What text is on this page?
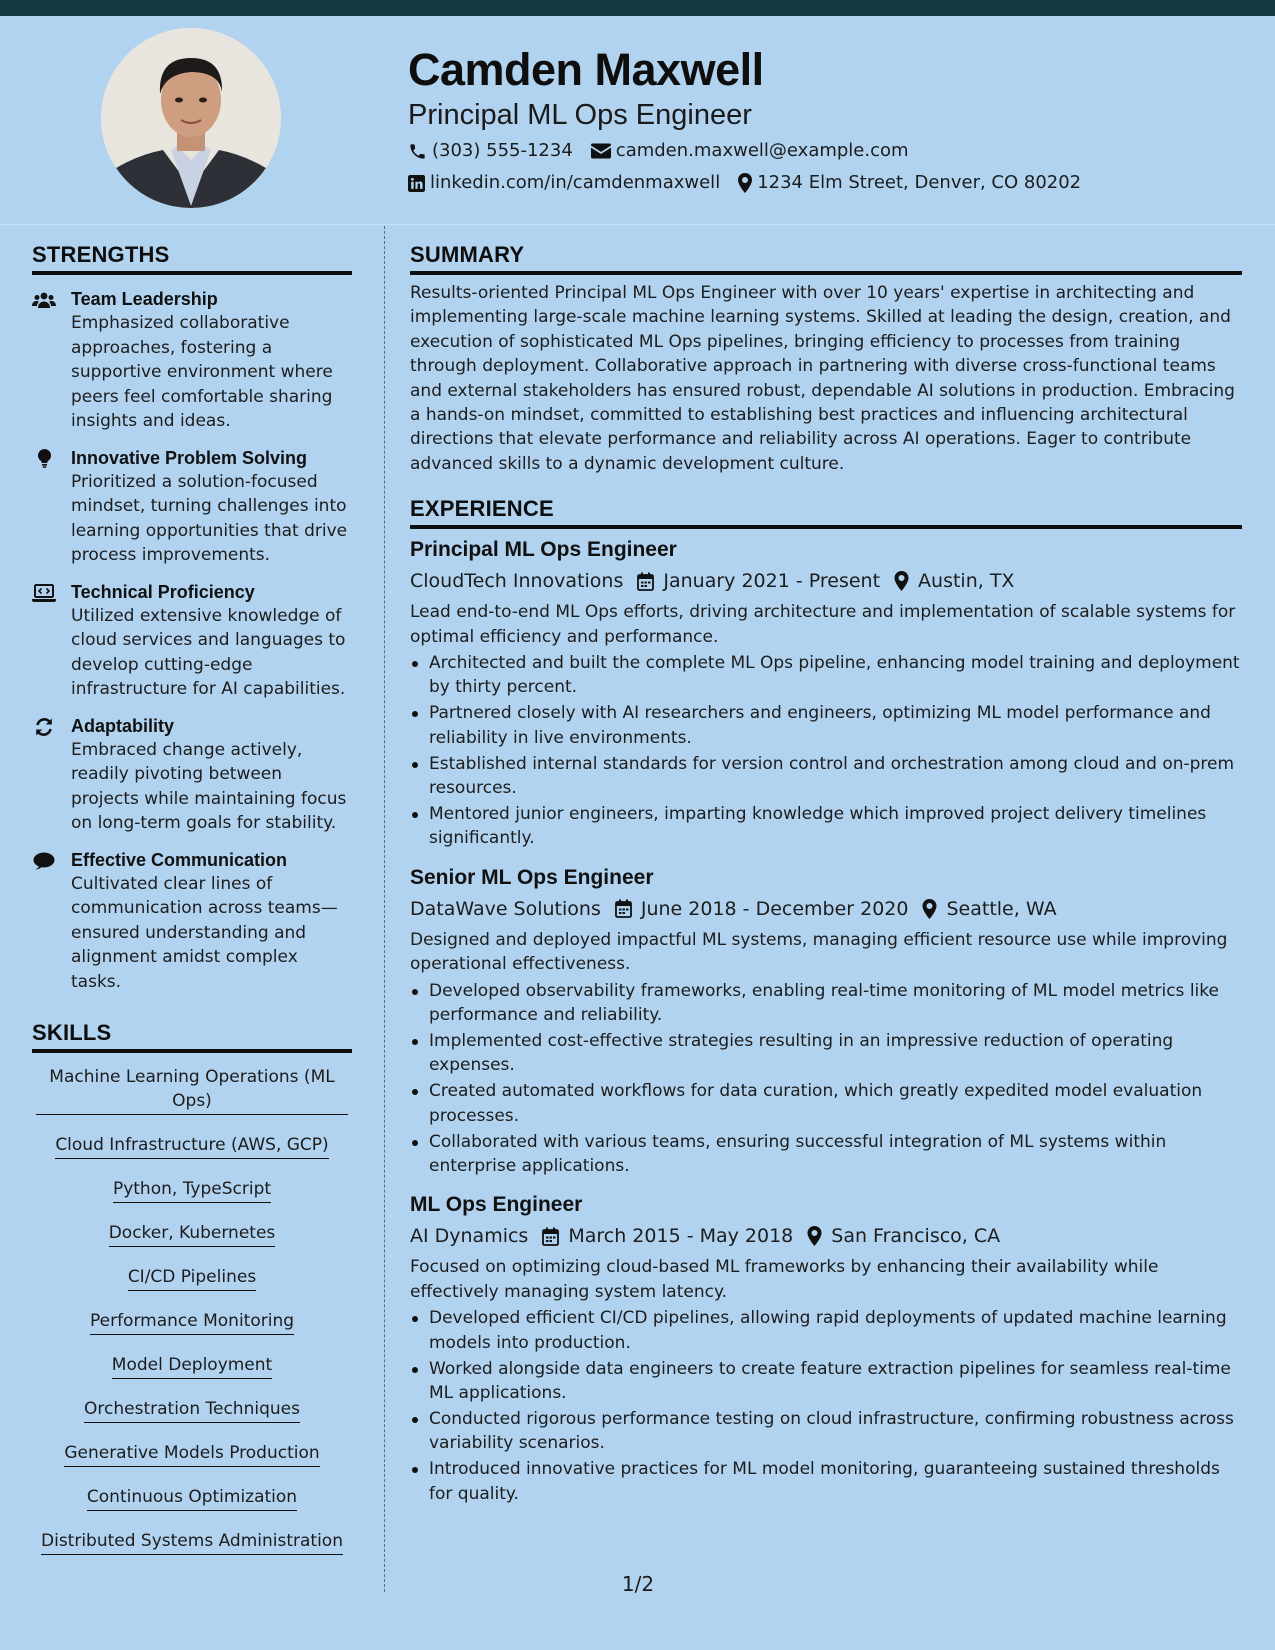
Camden Maxwell
Principal ML Ops Engineer
(303) 555-1234 camden.maxwell@example.com
linkedin.com/in/camdenmaxwell 1234 Elm Street, Denver, CO 80202
STRENGTHS
Team Leadership
Emphasized collaborative approaches, fostering a supportive environment where peers feel comfortable sharing insights and ideas.
Innovative Problem Solving
Prioritized a solution-focused mindset, turning challenges into learning opportunities that drive process improvements.
Technical Proficiency
Utilized extensive knowledge of cloud services and languages to develop cutting-edge infrastructure for AI capabilities.
Adaptability
Embraced change actively, readily pivoting between projects while maintaining focus on long-term goals for stability.
Effective Communication
Cultivated clear lines of communication across teams—ensured understanding and alignment amidst complex tasks.
SKILLS
Machine Learning Operations (ML Ops)
Cloud Infrastructure (AWS, GCP)
Python, TypeScript
Docker, Kubernetes
CI/CD Pipelines
Performance Monitoring
Model Deployment
Orchestration Techniques
Generative Models Production
Continuous Optimization
Distributed Systems Administration
SUMMARY
Results-oriented Principal ML Ops Engineer with over 10 years' expertise in architecting and implementing large-scale machine learning systems. Skilled at leading the design, creation, and execution of sophisticated ML Ops pipelines, bringing efficiency to processes from training through deployment. Collaborative approach in partnering with diverse cross-functional teams and external stakeholders has ensured robust, dependable AI solutions in production. Embracing a hands-on mindset, committed to establishing best practices and influencing architectural directions that elevate performance and reliability across AI operations. Eager to contribute advanced skills to a dynamic development culture.
EXPERIENCE
Principal ML Ops Engineer
CloudTech Innovations January 2021 - Present Austin, TX
Lead end-to-end ML Ops efforts, driving architecture and implementation of scalable systems for optimal efficiency and performance.
Architected and built the complete ML Ops pipeline, enhancing model training and deployment by thirty percent.
Partnered closely with AI researchers and engineers, optimizing ML model performance and reliability in live environments.
Established internal standards for version control and orchestration among cloud and on-prem resources.
Mentored junior engineers, imparting knowledge which improved project delivery timelines significantly.
Senior ML Ops Engineer
DataWave Solutions June 2018 - December 2020 Seattle, WA
Designed and deployed impactful ML systems, managing efficient resource use while improving operational effectiveness.
Developed observability frameworks, enabling real-time monitoring of ML model metrics like performance and reliability.
Implemented cost-effective strategies resulting in an impressive reduction of operating expenses.
Created automated workflows for data curation, which greatly expedited model evaluation processes.
Collaborated with various teams, ensuring successful integration of ML systems within enterprise applications.
ML Ops Engineer
AI Dynamics March 2015 - May 2018 San Francisco, CA
Focused on optimizing cloud-based ML frameworks by enhancing their availability while effectively managing system latency.
Developed efficient CI/CD pipelines, allowing rapid deployments of updated machine learning models into production.
Worked alongside data engineers to create feature extraction pipelines for seamless real-time ML applications.
Conducted rigorous performance testing on cloud infrastructure, confirming robustness across variability scenarios.
Introduced innovative practices for ML model monitoring, guaranteeing sustained thresholds for quality.
1/2
